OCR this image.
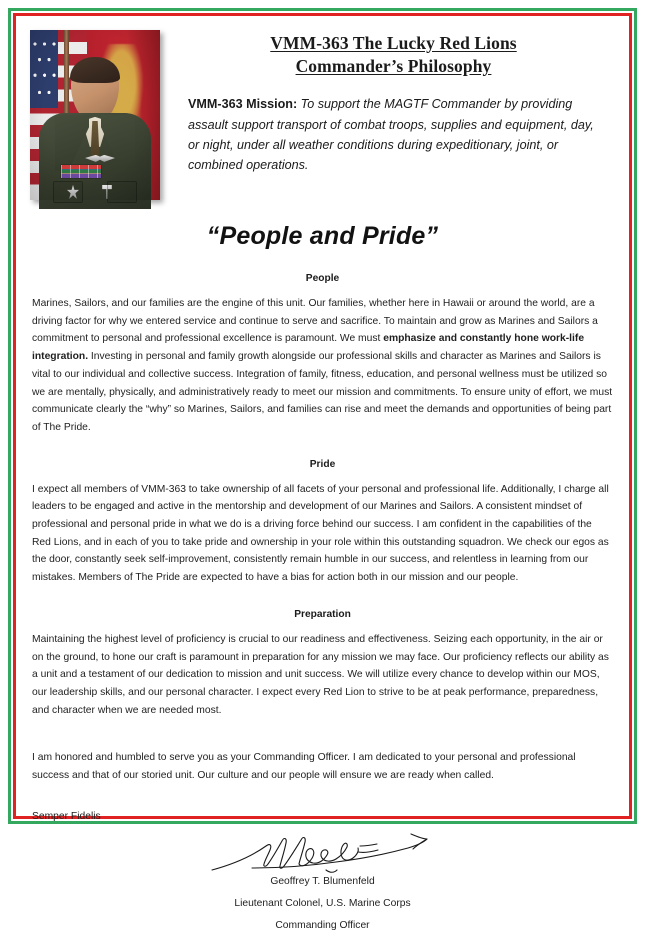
VMM-363 The Lucky Red Lions
Commander’s Philosophy

VMM-363 Mission: To support the MAGTF Commander by providing assault support transport of combat troops, supplies and equipment, day, or night, under all weather conditions during expeditionary, joint, or combined operations.

“People and Pride”
People

Marines, Sailors, and our families are the engine of this unit. Our families, whether here in Hawaii or around the world, are a driving factor for why we entered service and continue to serve and sacrifice. To maintain and grow as Marines and Sailors a commitment to personal and professional excellence is paramount. We must emphasize and constantly hone work-life integration. Investing in personal and family growth alongside our professional skills and character as Marines and Sailors is vital to our individual and collective success. Integration of family, fitness, education, and personal wellness must be utilized so we are mentally, physically, and administratively ready to meet our mission and commitments. To ensure unity of effort, we must communicate clearly the “why” so Marines, Sailors, and families can rise and meet the demands and opportunities of being part of The Pride.

Pride

I expect all members of VMM-363 to take ownership of all facets of your personal and professional life. Additionally, I charge all leaders to be engaged and active in the mentorship and development of our Marines and Sailors. A consistent mindset of professional and personal pride in what we do is a driving force behind our success. I am confident in the capabilities of the Red Lions, and in each of you to take pride and ownership in your role within this outstanding squadron. We check our egos as the door, constantly seek self-improvement, consistently remain humble in our success, and relentless in learning from our mistakes. Members of The Pride are expected to have a bias for action both in our mission and our people.

Preparation

Maintaining the highest level of proficiency is crucial to our readiness and effectiveness. Seizing each opportunity, in the air or on the ground, to hone our craft is paramount in preparation for any mission we may face. Our proficiency reflects our ability as a unit and a testament of our dedication to mission and unit success. We will utilize every chance to develop within our MOS, our leadership skills, and our personal character. I expect every Red Lion to strive to be at peak performance, preparedness, and character when we are needed most.

I am honored and humbled to serve you as your Commanding Officer. I am dedicated to your personal and professional success and that of our storied unit. Our culture and our people will ensure we are ready when called.

Semper Fidelis
Geoffrey T. Blumenfeld
Lieutenant Colonel, U.S. Marine Corps
Commanding Officer
